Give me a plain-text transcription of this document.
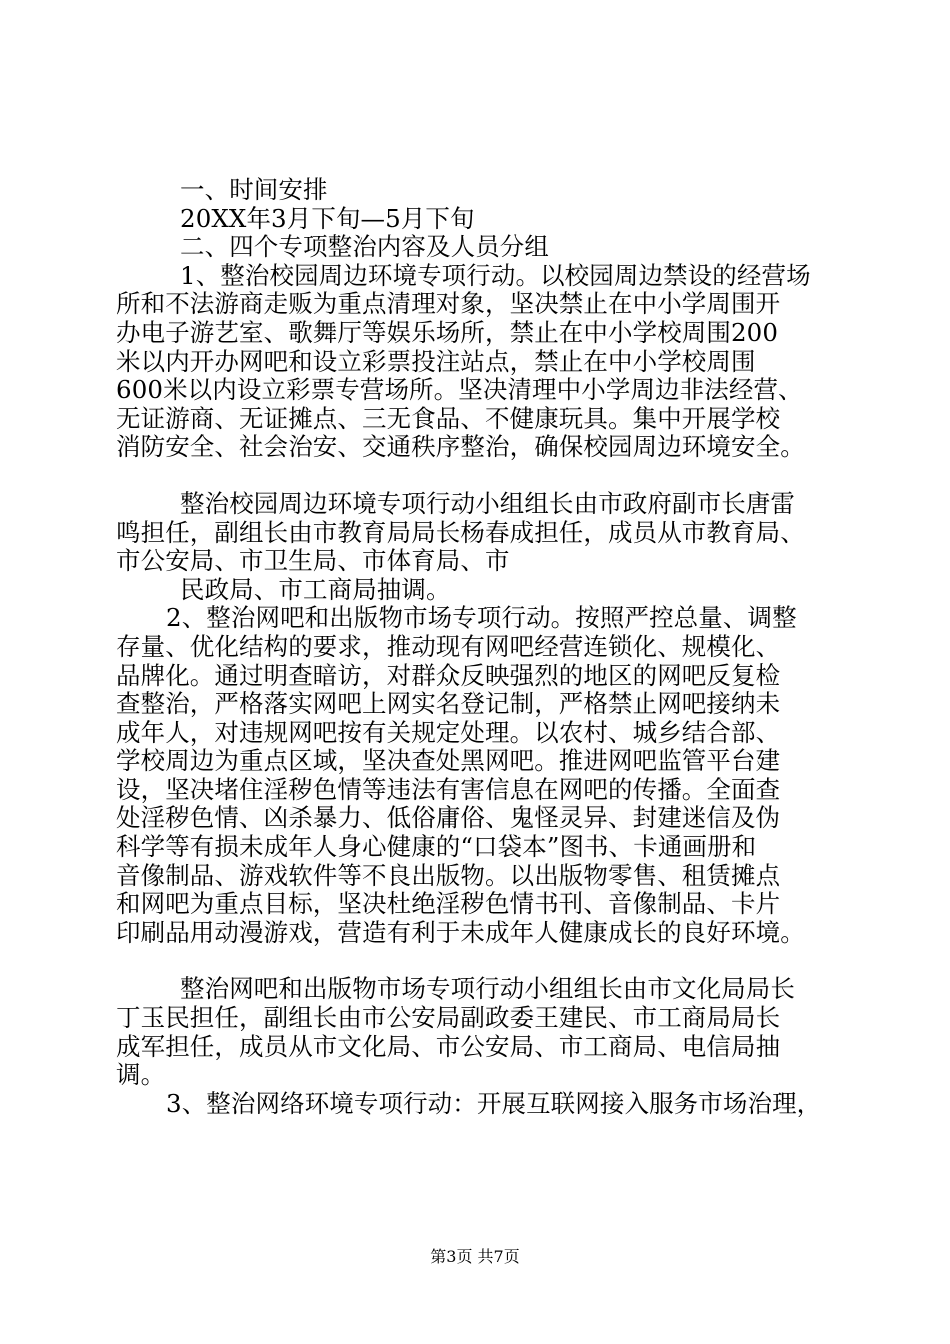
一、时间安排
20XX年3月下旬—5月下旬
二、四个专项整治内容及人员分组
1、整治校园周边环境专项行动。以校园周边禁设的经营场
所和不法游商走贩为重点清理对象，坚决禁止在中小学周围开
办电子游艺室、歌舞厅等娱乐场所，禁止在中小学校周围200
米以内开办网吧和设立彩票投注站点，禁止在中小学校周围
600米以内设立彩票专营场所。坚决清理中小学周边非法经营、
无证游商、无证摊点、三无食品、不健康玩具。集中开展学校
消防安全、社会治安、交通秩序整治，确保校园周边环境安全。
整治校园周边环境专项行动小组组长由市政府副市长唐雷
鸣担任，副组长由市教育局局长杨春成担任，成员从市教育局、
市公安局、市卫生局、市体育局、市
民政局、市工商局抽调。
2、整治网吧和出版物市场专项行动。按照严控总量、调整
存量、优化结构的要求，推动现有网吧经营连锁化、规模化、
品牌化。通过明查暗访，对群众反映强烈的地区的网吧反复检
查整治，严格落实网吧上网实名登记制，严格禁止网吧接纳未
成年人，对违规网吧按有关规定处理。以农村、城乡结合部、
学校周边为重点区域，坚决查处黑网吧。推进网吧监管平台建
设，坚决堵住淫秽色情等违法有害信息在网吧的传播。全面查
处淫秽色情、凶杀暴力、低俗庸俗、鬼怪灵异、封建迷信及伪
科学等有损未成年人身心健康的“口袋本”图书、卡通画册和
音像制品、游戏软件等不良出版物。以出版物零售、租赁摊点
和网吧为重点目标，坚决杜绝淫秽色情书刊、音像制品、卡片
印刷品用动漫游戏，营造有利于未成年人健康成长的良好环境。
整治网吧和出版物市场专项行动小组组长由市文化局局长
丁玉民担任，副组长由市公安局副政委王建民、市工商局局长
成军担任，成员从市文化局、市公安局、市工商局、电信局抽
调。
3、整治网络环境专项行动：开展互联网接入服务市场治理，
第3页 共7页
